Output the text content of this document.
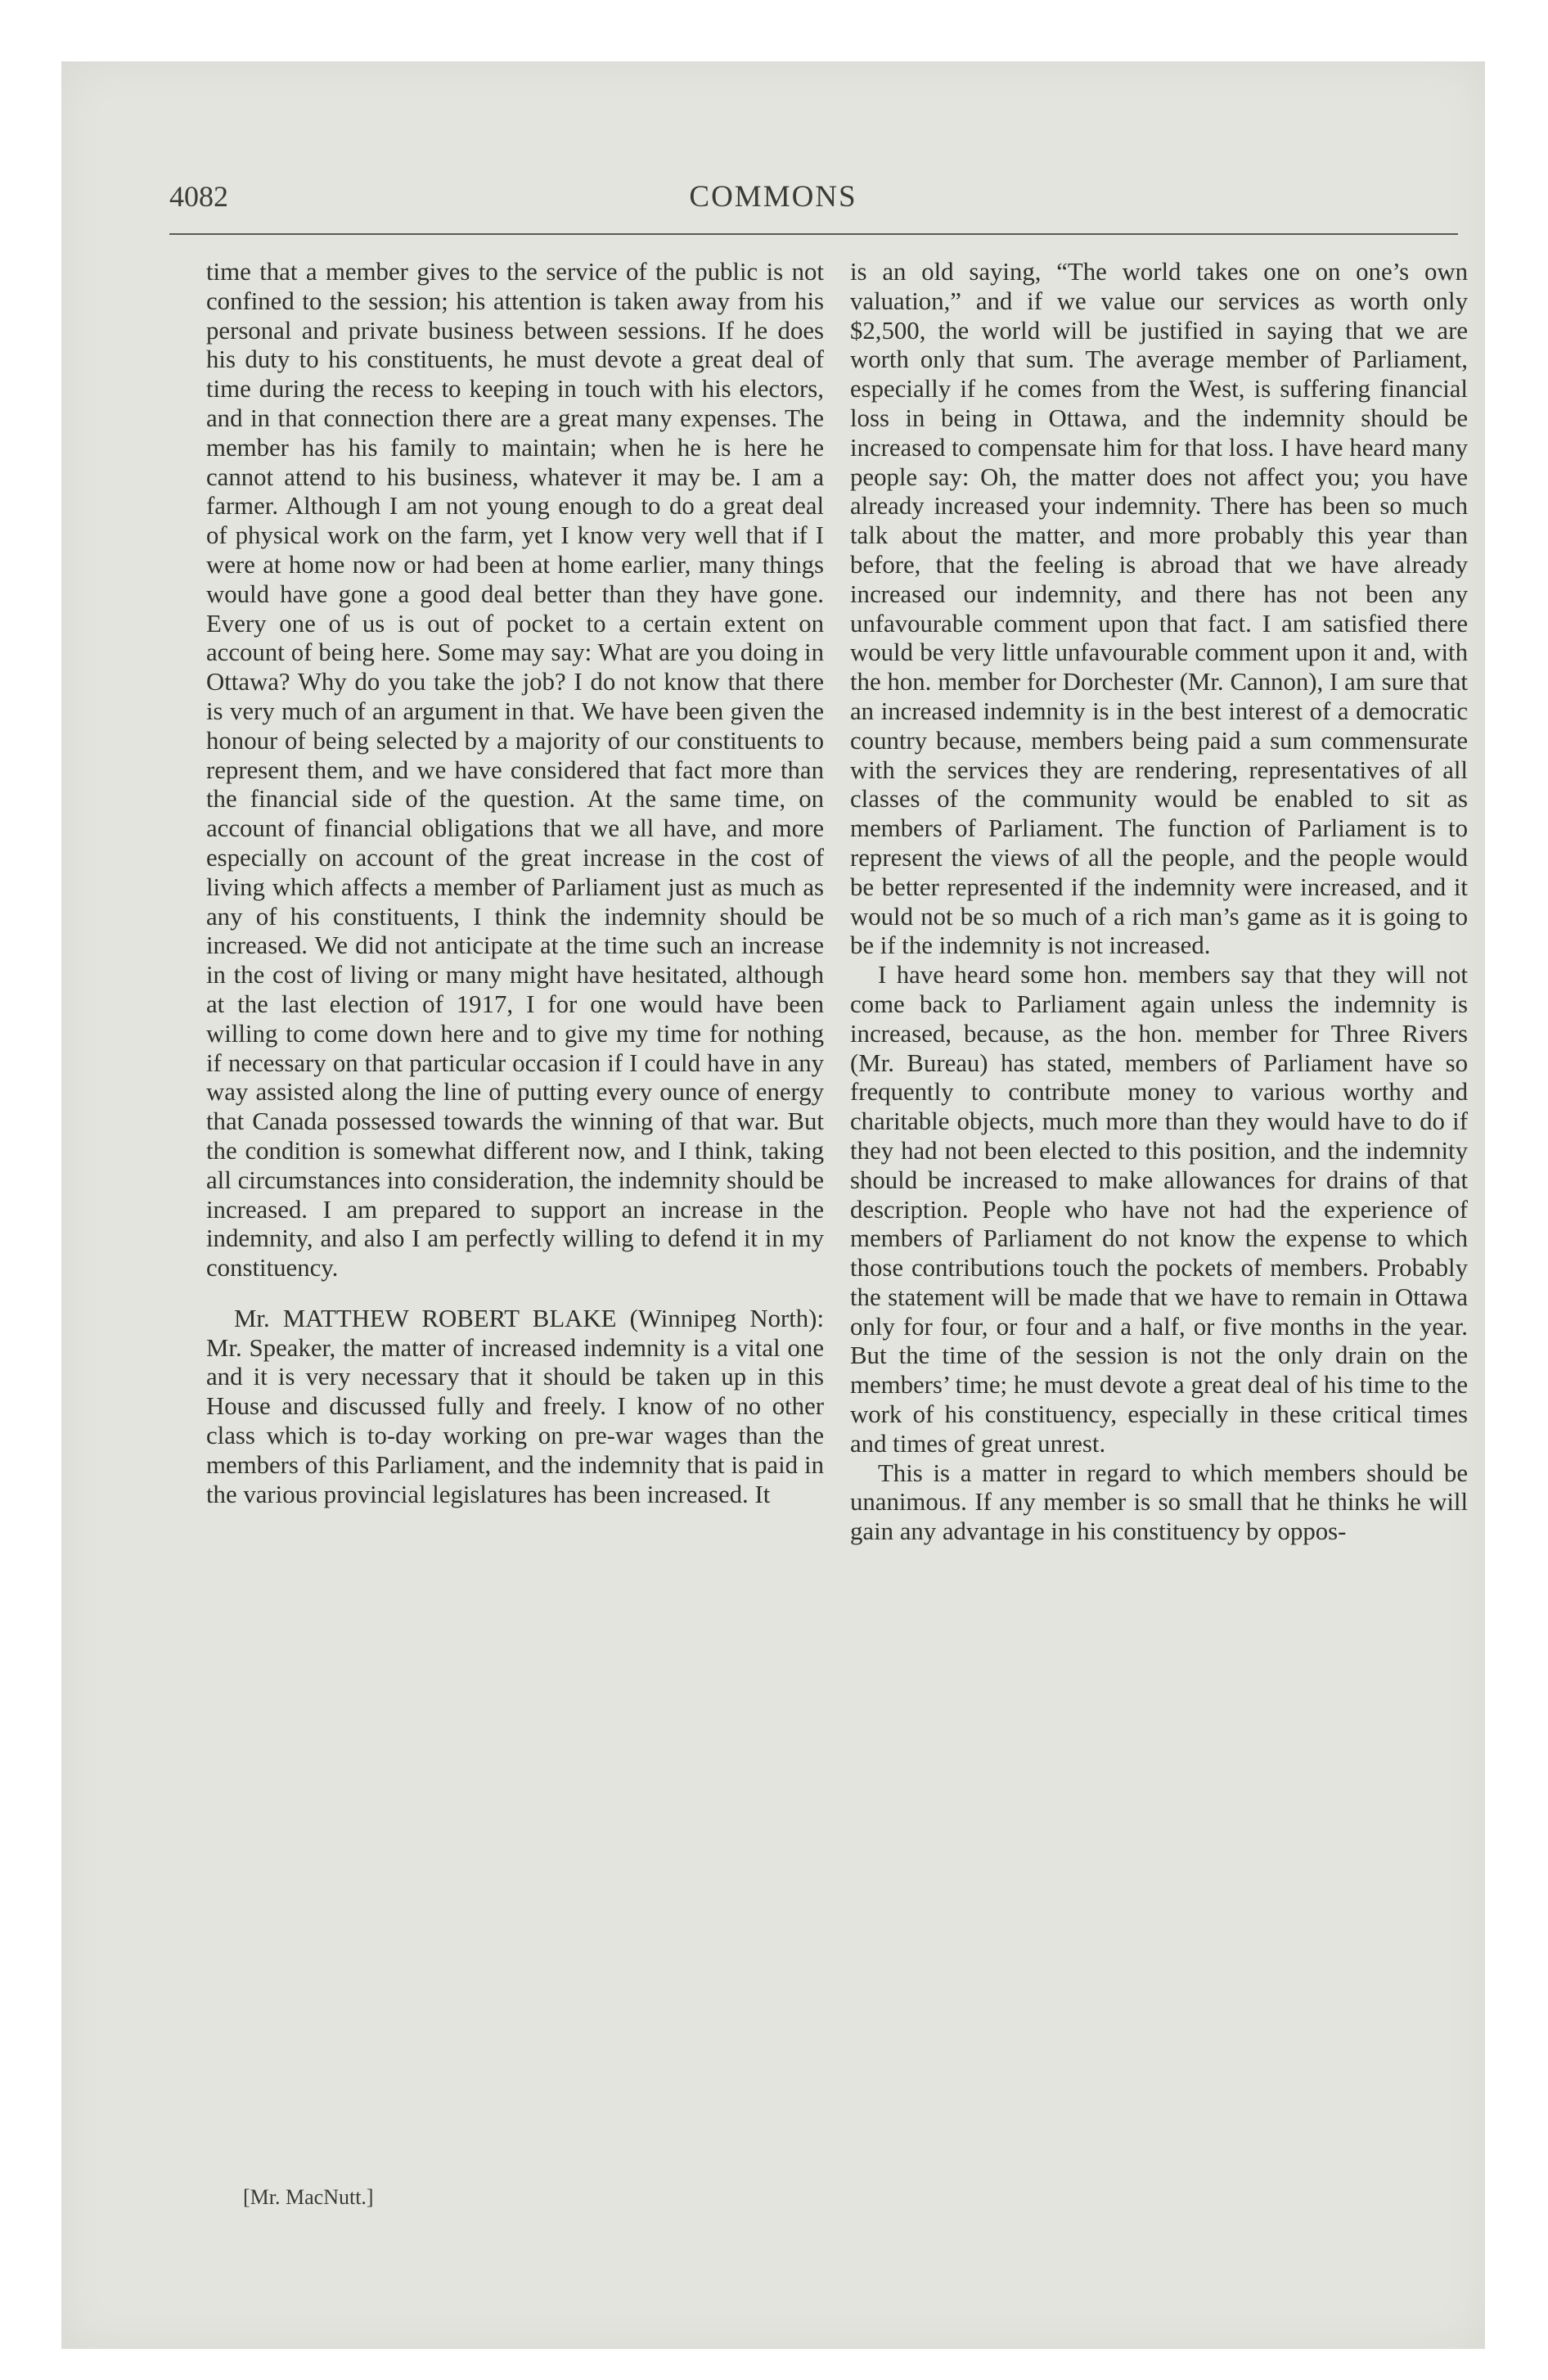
4082	COMMONS

time that a member gives to the service of the public is not confined to the session; his attention is taken away from his personal and private business between sessions. If he does his duty to his constituents, he must devote a great deal of time during the recess to keeping in touch with his electors, and in that connection there are a great many expenses. The member has his family to maintain; when he is here he cannot attend to his business, whatever it may be. I am a farmer. Although I am not young enough to do a great deal of physical work on the farm, yet I know very well that if I were at home now or had been at home earlier, many things would have gone a good deal better than they have gone. Every one of us is out of pocket to a certain extent on account of being here. Some may say: What are you doing in Ottawa? Why do you take the job? I do not know that there is very much of an argument in that. We have been given the honour of being selected by a majority of our constituents to represent them, and we have considered that fact more than the financial side of the question. At the same time, on account of financial obligations that we all have, and more especially on account of the great increase in the cost of living which affects a member of Parliament just as much as any of his constituents, I think the indemnity should be increased. We did not anticipate at the time such an increase in the cost of living or many might have hesitated, although at the last election of 1917, I for one would have been willing to come down here and to give my time for nothing if necessary on that particular occasion if I could have in any way assisted along the line of putting every ounce of energy that Canada possessed towards the winning of that war. But the condition is somewhat different now, and I think, taking all circumstances into consideration, the indemnity should be increased. I am prepared to support an increase in the indemnity, and also I am perfectly willing to defend it in my constituency.

Mr. MATTHEW ROBERT BLAKE (Winnipeg North): Mr. Speaker, the matter of increased indemnity is a vital one and it is very necessary that it should be taken up in this House and discussed fully and freely. I know of no other class which is to-day working on pre-war wages than the members of this Parliament, and the indemnity that is paid in the various provincial legislatures has been increased. It

is an old saying, “The world takes one on one’s own valuation,” and if we value our services as worth only $2,500, the world will be justified in saying that we are worth only that sum. The average member of Parliament, especially if he comes from the West, is suffering financial loss in being in Ottawa, and the indemnity should be increased to compensate him for that loss. I have heard many people say: Oh, the matter does not affect you; you have already increased your indemnity. There has been so much talk about the matter, and more probably this year than before, that the feeling is abroad that we have already increased our indemnity, and there has not been any unfavourable comment upon that fact. I am satisfied there would be very little unfavourable comment upon it and, with the hon. member for Dorchester (Mr. Cannon), I am sure that an increased indemnity is in the best interest of a democratic country because, members being paid a sum commensurate with the services they are rendering, representatives of all classes of the community would be enabled to sit as members of Parliament. The function of Parliament is to represent the views of all the people, and the people would be better represented if the indemnity were increased, and it would not be so much of a rich man’s game as it is going to be if the indemnity is not increased.

I have heard some hon. members say that they will not come back to Parliament again unless the indemnity is increased, because, as the hon. member for Three Rivers (Mr. Bureau) has stated, members of Parliament have so frequently to contribute money to various worthy and charitable objects, much more than they would have to do if they had not been elected to this position, and the indemnity should be increased to make allowances for drains of that description. People who have not had the experience of members of Parliament do not know the expense to which those contributions touch the pockets of members. Probably the statement will be made that we have to remain in Ottawa only for four, or four and a half, or five months in the year. But the time of the session is not the only drain on the members’ time; he must devote a great deal of his time to the work of his constituency, especially in these critical times and times of great unrest.

This is a matter in regard to which members should be unanimous. If any member is so small that he thinks he will gain any advantage in his constituency by oppos-

[Mr. MacNutt.]
